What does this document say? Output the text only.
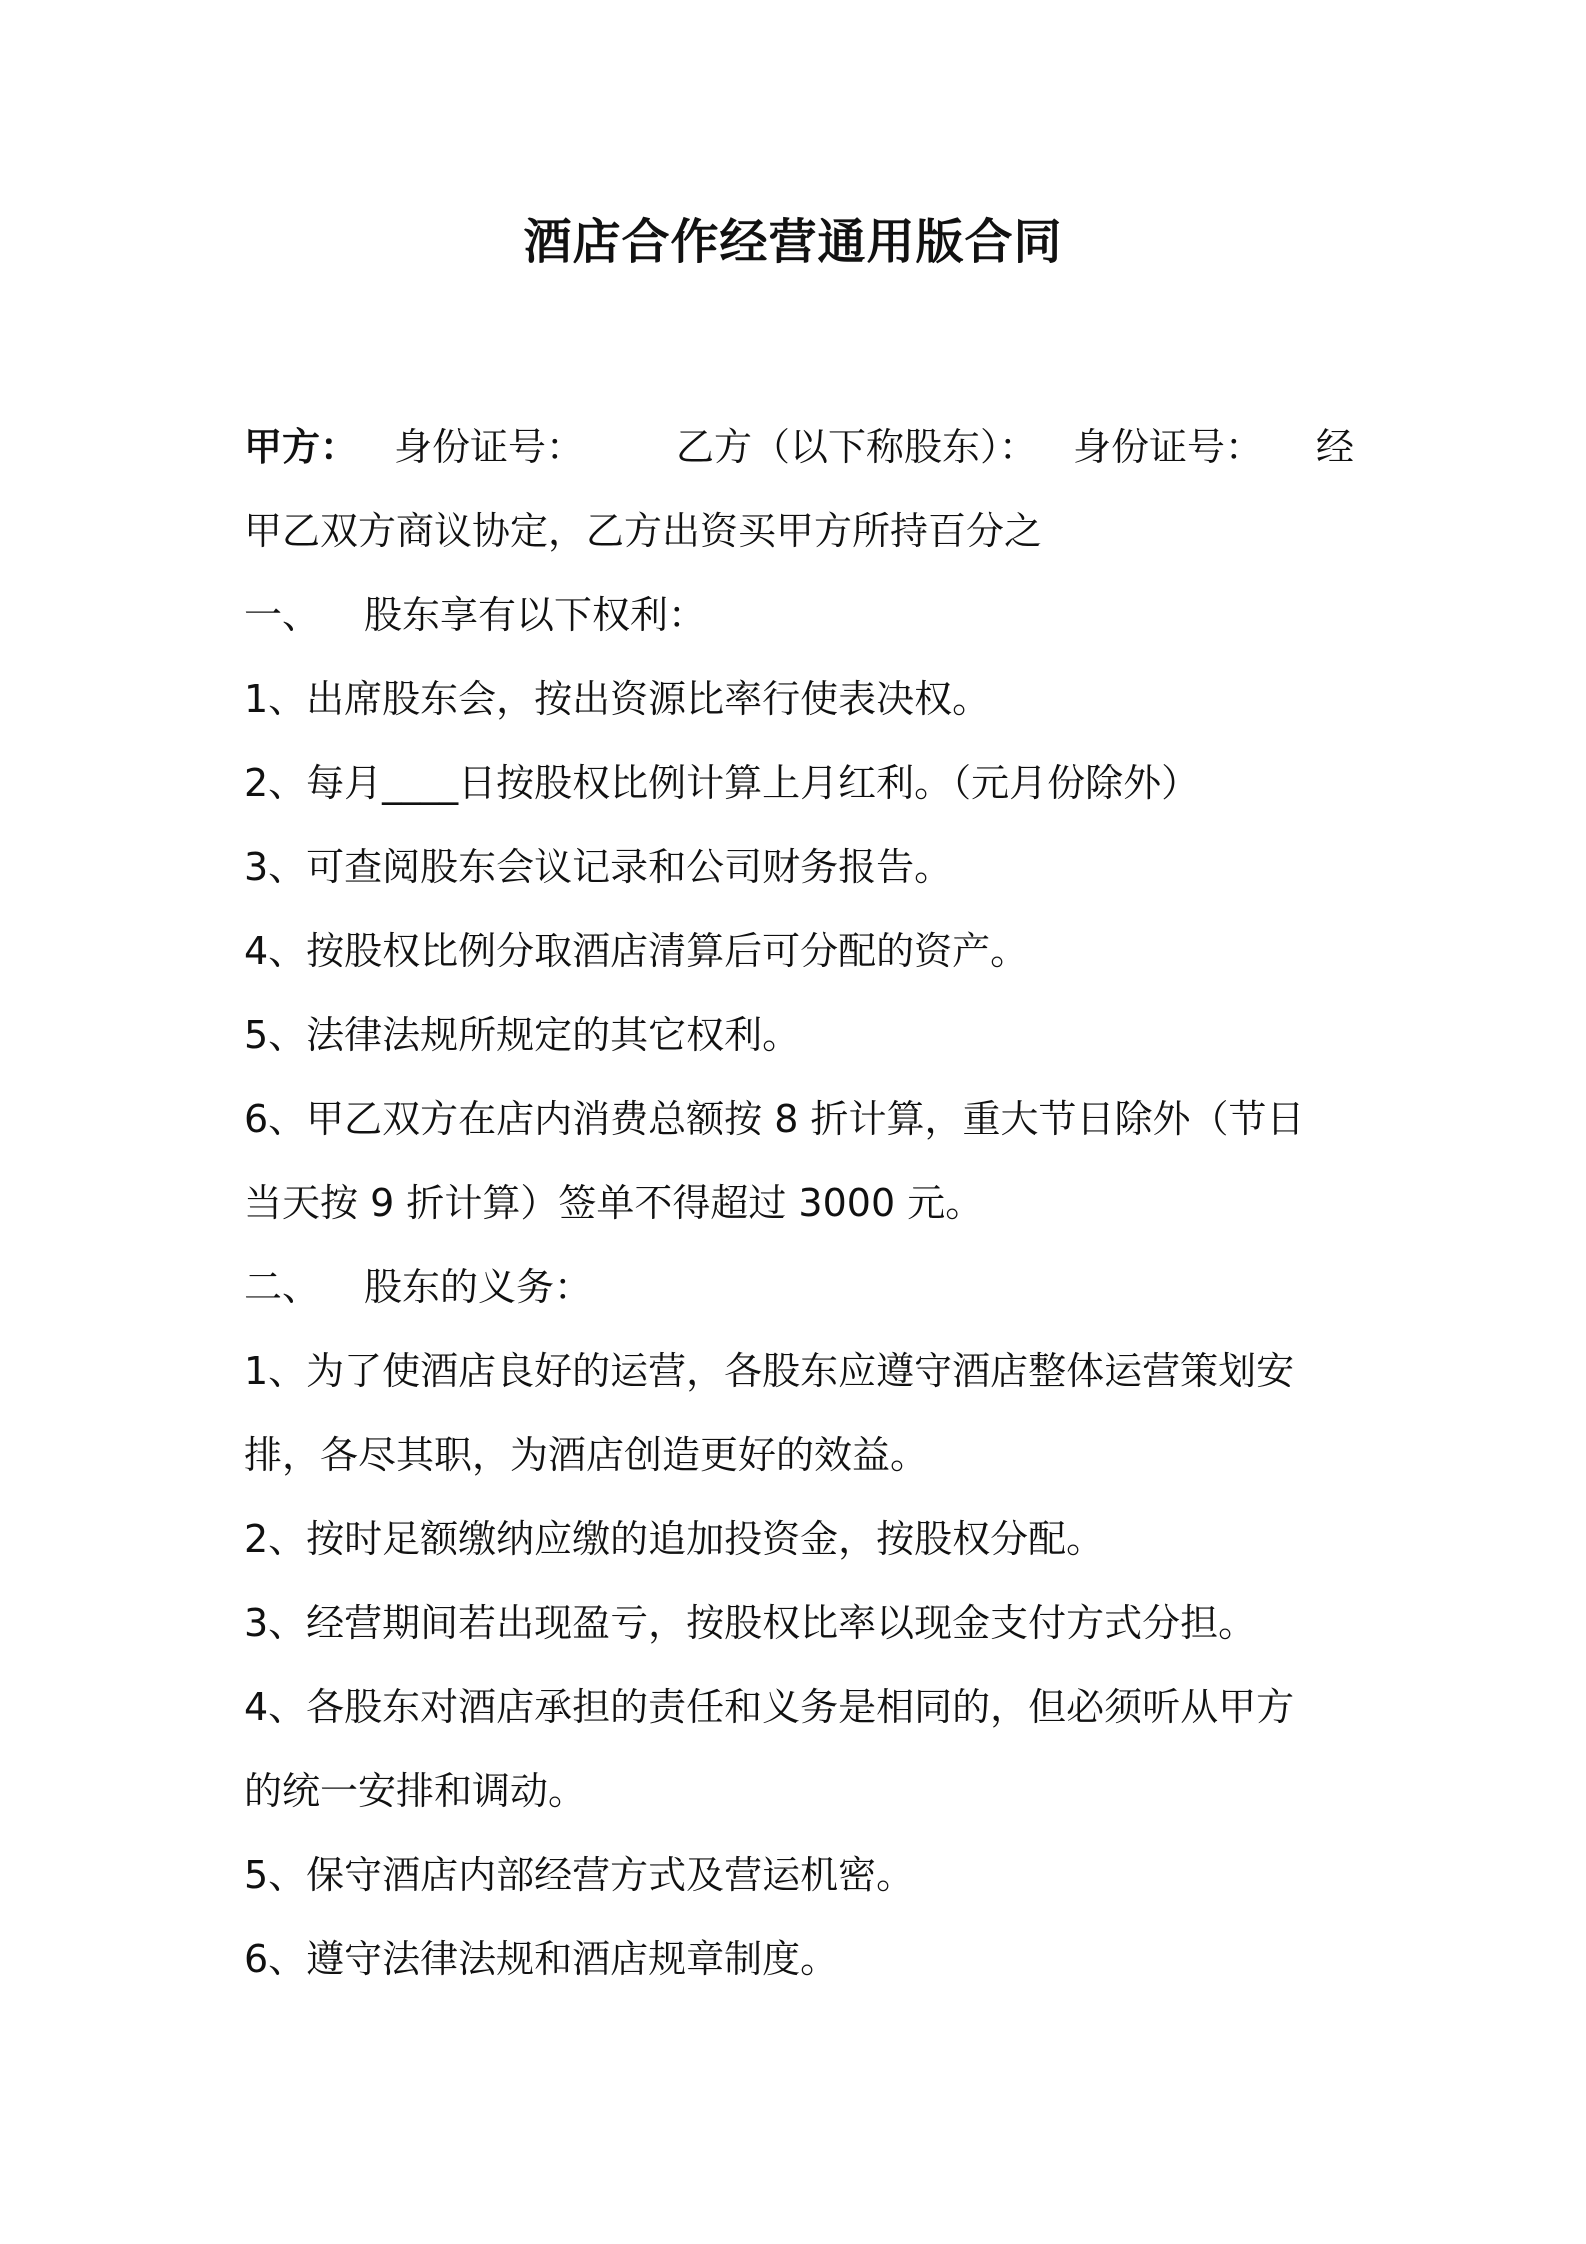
酒店合作经营通用版合同
甲方： 身份证号： 乙方（以下称股东）： 身份证号： 经
甲乙双方商议协定，乙方出资买甲方所持百分之
一、 股东享有以下权利：
1、出席股东会，按出资源比率行使表决权。
2、每月____日按股权比例计算上月红利。（元月份除外）
3、可查阅股东会议记录和公司财务报告。
4、按股权比例分取酒店清算后可分配的资产。
5、法律法规所规定的其它权利。
6、甲乙双方在店内消费总额按 8 折计算，重大节日除外（节日
当天按 9 折计算）签单不得超过 3000 元。
二、 股东的义务：
1、为了使酒店良好的运营，各股东应遵守酒店整体运营策划安
排，各尽其职，为酒店创造更好的效益。
2、按时足额缴纳应缴的追加投资金，按股权分配。
3、经营期间若出现盈亏，按股权比率以现金支付方式分担。
4、各股东对酒店承担的责任和义务是相同的，但必须听从甲方
的统一安排和调动。
5、保守酒店内部经营方式及营运机密。
6、遵守法律法规和酒店规章制度。
